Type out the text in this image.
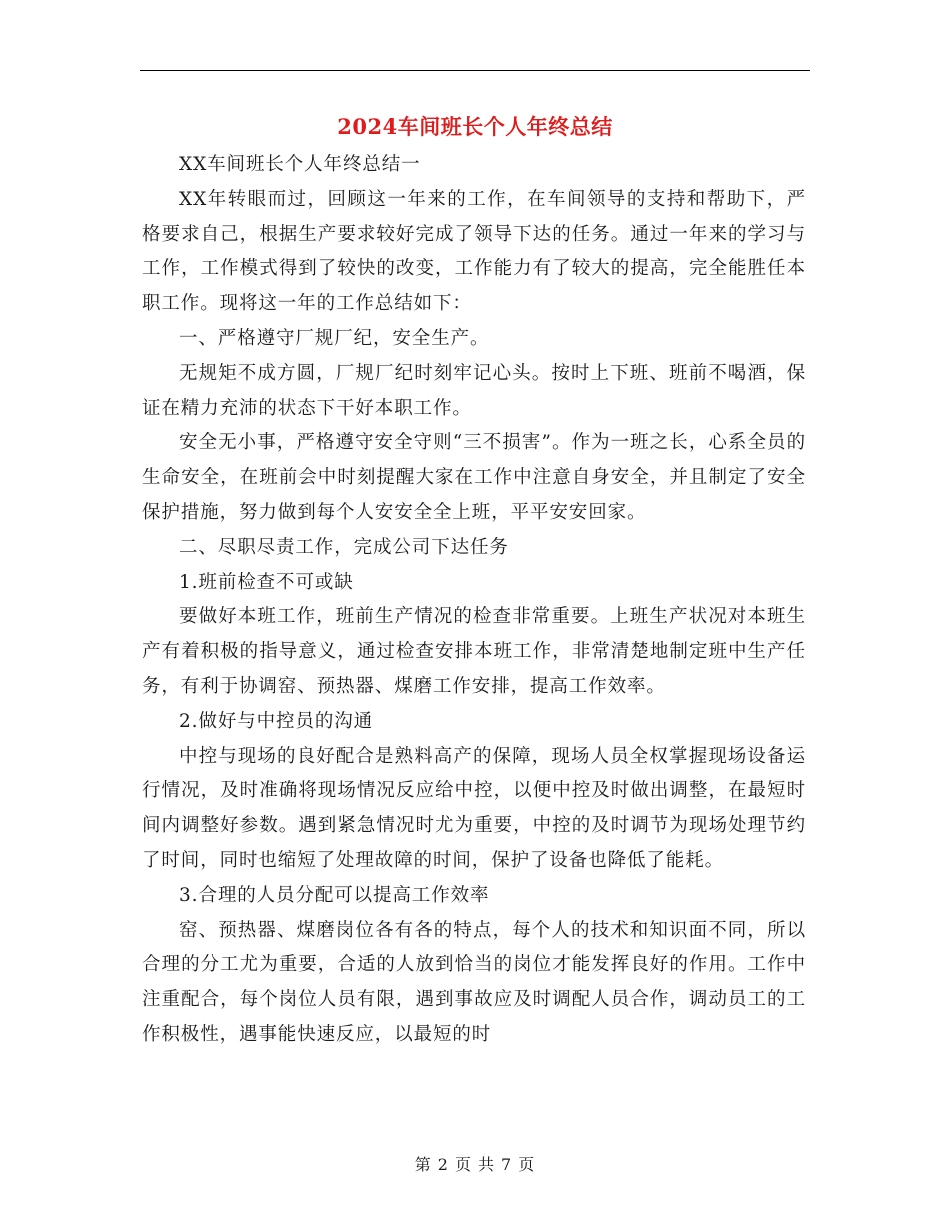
2024车间班长个人年终总结

XX车间班长个人年终总结一

XX年转眼而过，回顾这一年来的工作，在车间领导的支持和帮助下，严格要求自己，根据生产要求较好完成了领导下达的任务。通过一年来的学习与工作，工作模式得到了较快的改变，工作能力有了较大的提高，完全能胜任本职工作。现将这一年的工作总结如下：

一、严格遵守厂规厂纪，安全生产。

无规矩不成方圆，厂规厂纪时刻牢记心头。按时上下班、班前不喝酒，保证在精力充沛的状态下干好本职工作。

安全无小事，严格遵守安全守则“三不损害”。作为一班之长，心系全员的生命安全，在班前会中时刻提醒大家在工作中注意自身安全，并且制定了安全保护措施，努力做到每个人安安全全上班，平平安安回家。

二、尽职尽责工作，完成公司下达任务

1.班前检查不可或缺

要做好本班工作，班前生产情况的检查非常重要。上班生产状况对本班生产有着积极的指导意义，通过检查安排本班工作，非常清楚地制定班中生产任务，有利于协调窑、预热器、煤磨工作安排，提高工作效率。

2.做好与中控员的沟通

中控与现场的良好配合是熟料高产的保障，现场人员全权掌握现场设备运行情况，及时准确将现场情况反应给中控，以便中控及时做出调整，在最短时间内调整好参数。遇到紧急情况时尤为重要，中控的及时调节为现场处理节约了时间，同时也缩短了处理故障的时间，保护了设备也降低了能耗。

3.合理的人员分配可以提高工作效率

窑、预热器、煤磨岗位各有各的特点，每个人的技术和知识面不同，所以合理的分工尤为重要，合适的人放到恰当的岗位才能发挥良好的作用。工作中注重配合，每个岗位人员有限，遇到事故应及时调配人员合作，调动员工的工作积极性，遇事能快速反应，以最短的时

第 2 页 共 7 页
